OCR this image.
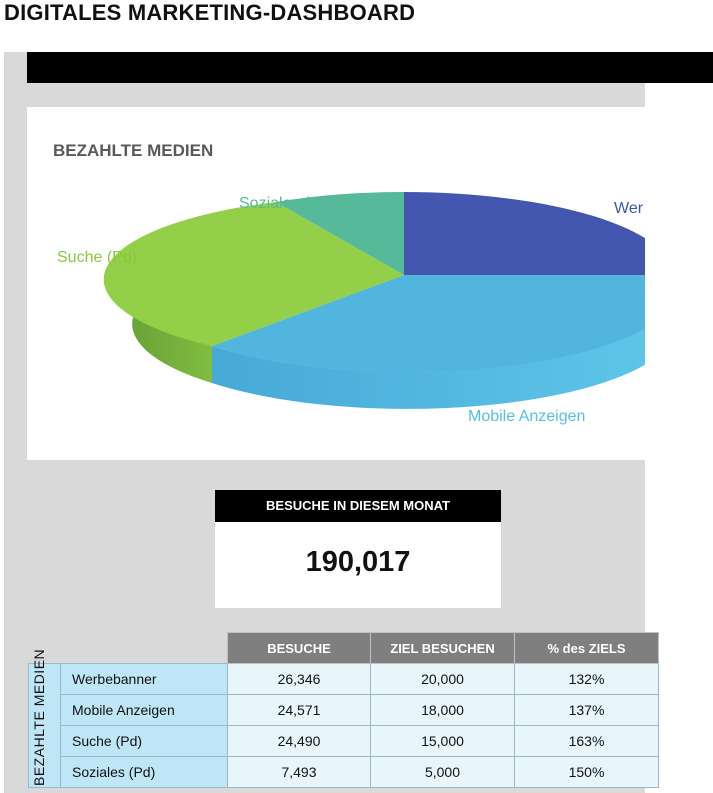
DIGITALES MARKETING-DASHBOARD
BEZAHLTE MEDIEN
Wer
Soziales (Pd)
Suche (Pd)
Mobile Anzeigen
BESUCHE IN DIESEM MONAT
190,017
		BESUCHE	ZIEL BESUCHEN	% des ZIELS

BEZAHLTE MEDIEN	Werbebanner	26,346	20,000	132%
	Mobile Anzeigen	24,571	18,000	137%
	Suche (Pd)	24,490	15,000	163%
	Soziales (Pd)	7,493	5,000	150%
